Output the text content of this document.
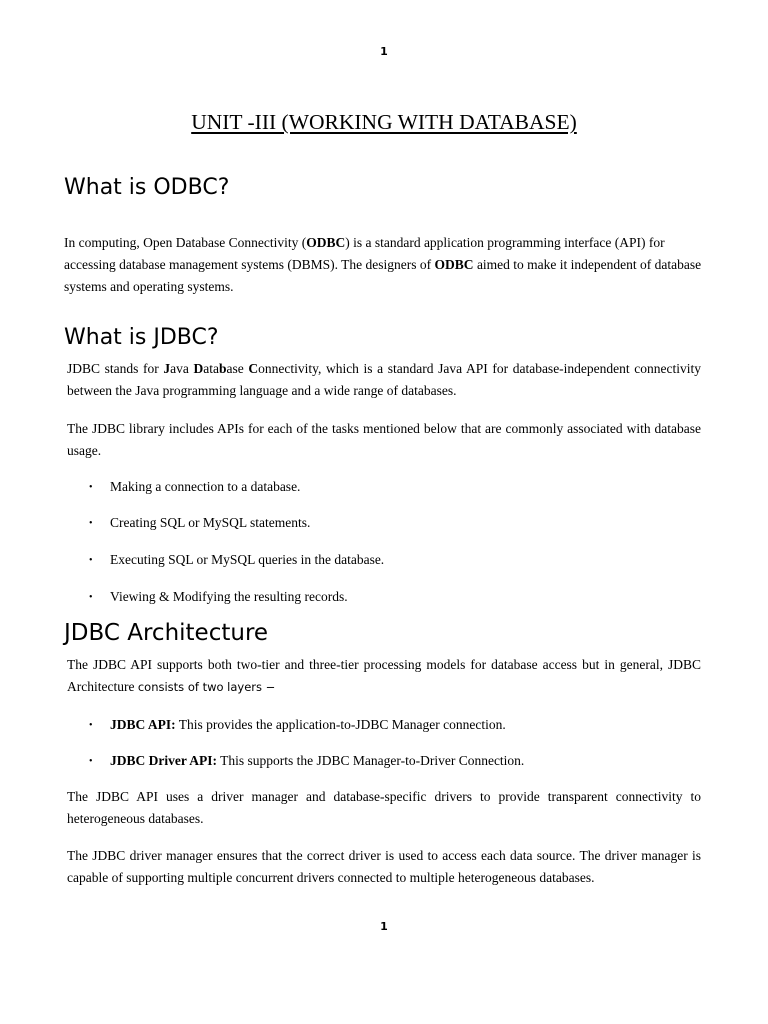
1
UNIT -III (WORKING WITH DATABASE)
What is ODBC?

In computing, Open Database Connectivity (ODBC) is a standard application programming interface (API) for accessing database management systems (DBMS). The designers of ODBC aimed to make it independent of database systems and operating systems.

What is JDBC?

JDBC stands for Java Database Connectivity, which is a standard Java API for database-independent connectivity between the Java programming language and a wide range of databases.

The JDBC library includes APIs for each of the tasks mentioned below that are commonly associated with database usage.

• Making a connection to a database.
• Creating SQL or MySQL statements.
• Executing SQL or MySQL queries in the database.
• Viewing & Modifying the resulting records.
JDBC Architecture

The JDBC API supports both two-tier and three-tier processing models for database access but in general, JDBC Architecture consists of two layers −

• JDBC API: This provides the application-to-JDBC Manager connection.
• JDBC Driver API: This supports the JDBC Manager-to-Driver Connection.

The JDBC API uses a driver manager and database-specific drivers to provide transparent connectivity to heterogeneous databases.

The JDBC driver manager ensures that the correct driver is used to access each data source. The driver manager is capable of supporting multiple concurrent drivers connected to multiple heterogeneous databases.

1
